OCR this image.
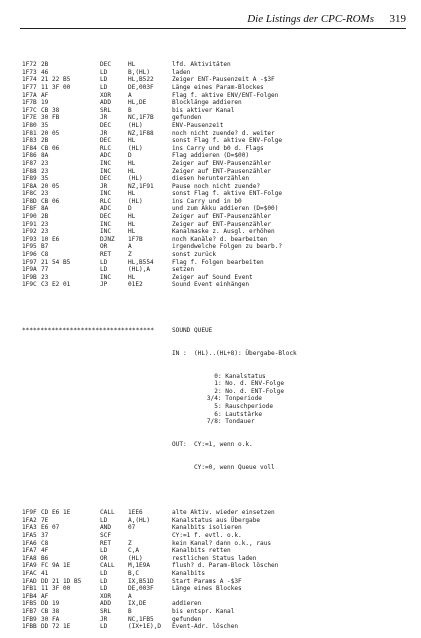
Die Listings der CPC-ROMs 319

1F72 2B	DEC	HL	lfd. Aktivitäten
1F73 46	LD	B,(HL)	laden
1F74 21 22 B5	LD	HL,B522	Zeiger ENT-Pausenzeit A -$3F
1F77 11 3F 00	LD	DE,003F	Länge eines Param-Blockes
1F7A AF	XOR	A	Flag f. aktive ENV/ENT-Folgen
1F7B 19	ADD	HL,DE	Blocklänge addieren
1F7C CB 38	SRL	B	bis aktiver Kanal
1F7E 30 FB	JR	NC,1F7B	gefunden
1F80 35	DEC	(HL)	ENV-Pausenzeit
1F81 20 05	JR	NZ,1F88	noch nicht zuende? d. weiter
1F83 2B	DEC	HL	sonst Flag f. aktive ENV-Folge
1F84 CB 06	RLC	(HL)	ins Carry und b0 d. Flags
1F86 8A	ADC	D	Flag addieren (D=$00)
1F87 23	INC	HL	Zeiger auf ENV-Pausenzähler
1F88 23	INC	HL	Zeiger auf ENT-Pausenzähler
1F89 35	DEC	(HL)	diesen herunterzählen
1F8A 20 05	JR	NZ,1F91	Pause noch nicht zuende?
1F8C 23	INC	HL	sonst Flag f. aktive ENT-Folge
1F8D CB 06	RLC	(HL)	ins Carry und in b0
1F8F 8A	ADC	D	und zum Akku addieren (D=$00)
1F90 2B	DEC	HL	Zeiger auf ENT-Pausenzähler
1F91 23	INC	HL	Zeiger auf ENT-Pausenzähler
1F92 23	INC	HL	Kanalmaske z. Ausgl. erhöhen
1F93 10 E6	DJNZ 1F7B	noch Kanäle? d. bearbeiten
1F95 B7	OR	A	irgendwelche Folgen zu bearb.?
1F96 C8	RET	Z	sonst zurück
1F97 21 54 B5	LD	HL,B554	Flag f. Folgen bearbeiten
1F9A 77	LD	(HL),A	setzen
1F9B 23	INC	HL	Zeiger auf Sound Event
1F9C C3 E2 01	JP	01E2	Sound Event einhängen

************************************

	SOUND QUEUE

IN :

(HL)..(HL+8): Übergabe-Block

0: Kanalstatus
1: No. d. ENV-Folge
2: No. d. ENT-Folge
3/4: Tonperiode
5: Rauschperiode
6: Lautstärke
7/8: Tondauer

OUT:

CY:=1, wenn o.k.

CY:=0, wenn Queue voll

1F9F CD E6 1E	CALL 1EE6	alte Aktiv. wieder einsetzen
1FA2 7E	LD	A,(HL)	Kanalstatus aus Übergabe
1FA3 E6 07	AND	07	Kanalbits isolieren
1FA5 37	SCF	CY:=1 f. evtl. o.k.
1FA6 C8	RET	Z	kein Kanal? dann o.k., raus
1FA7 4F	LD	C,A	Kanalbits retten
1FA8 B6	OR	(HL)	restlichen Status laden
1FA9 FC 9A 1E	CALL M,1E9A	flush? d. Param-Block löschen
1FAC 41	LD	B,C	Kanalbits
1FAD DD 21 1D B5	LD	IX,B51D	Start Params A -$3F
1FB1 11 3F 00	LD	DE,003F	Länge eines Blockes
1FB4 AF	XOR	A
1FB5 DD 19	ADD	IX,DE	addieren
1FB7 CB 38	SRL	B	bis entspr. Kanal
1FB9 30 FA	JR	NC,1FB5	gefunden
1FBB DD 72 1E	LD	(IX+1E),D Event-Adr. löschen
